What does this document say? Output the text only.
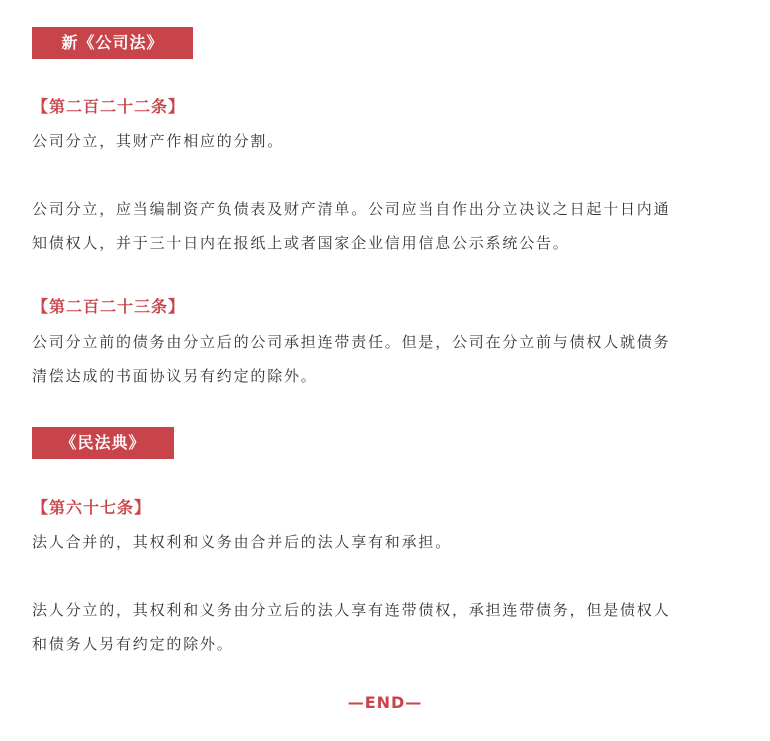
新《公司法》
【第二百二十二条】
公司分立，其财产作相应的分割。
公司分立，应当编制资产负债表及财产清单。公司应当自作出分立决议之日起十日内通
知债权人，并于三十日内在报纸上或者国家企业信用信息公示系统公告。
【第二百二十三条】
公司分立前的债务由分立后的公司承担连带责任。但是，公司在分立前与债权人就债务
清偿达成的书面协议另有约定的除外。
《民法典》
【第六十七条】
法人合并的，其权利和义务由合并后的法人享有和承担。
法人分立的，其权利和义务由分立后的法人享有连带债权，承担连带债务，但是债权人
和债务人另有约定的除外。
—END—
